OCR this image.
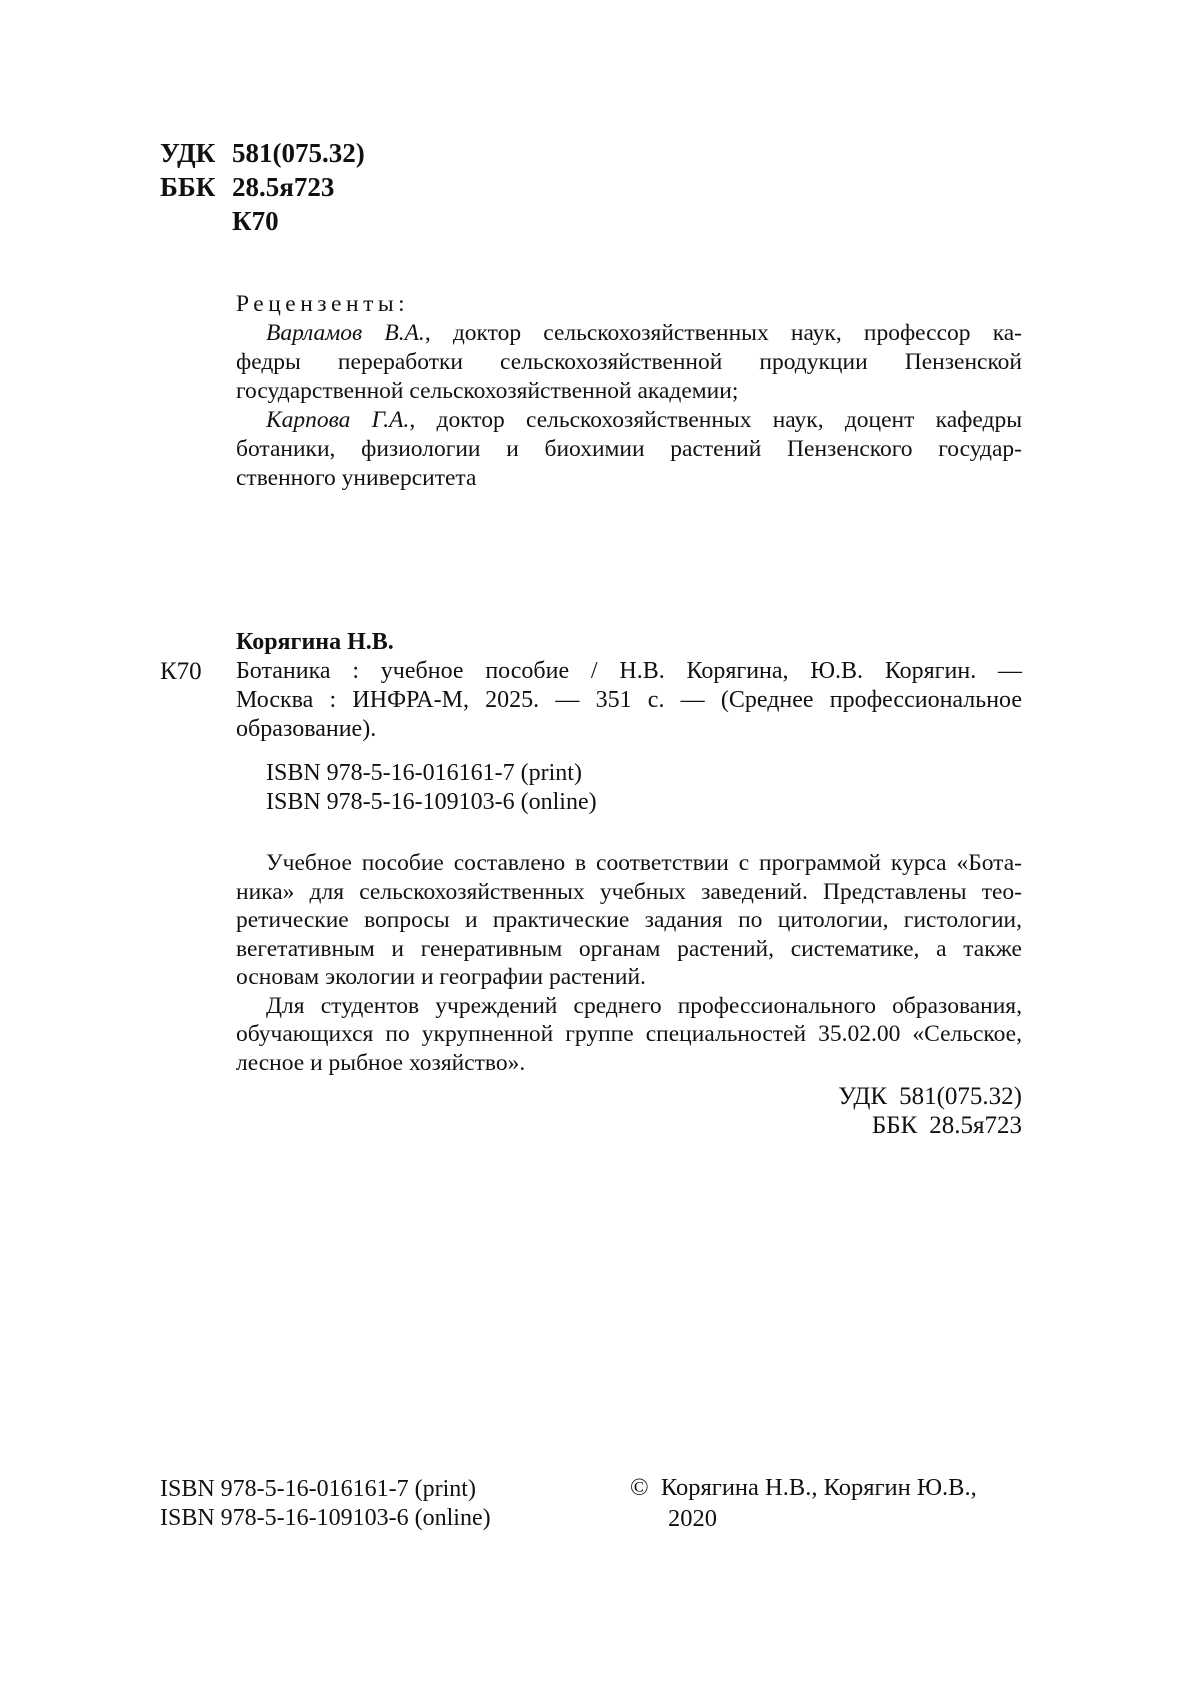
УДК 581(075.32)
ББК 28.5я723
К70
Рецензенты:
Варламов В.А., доктор сельскохозяйственных наук, профессор ка-
федры переработки сельскохозяйственной продукции Пензенской
государственной сельскохозяйственной академии;
Карпова Г.А., доктор сельскохозяйственных наук, доцент кафедры
ботаники, физиологии и биохимии растений Пензенского государ-
ственного университета
Корягина Н.В.
К70 Ботаника : учебное пособие / Н.В. Корягина, Ю.В. Корягин. —
Москва : ИНФРА-М, 2025. — 351 с. — (Среднее профессиональное
образование).
ISBN 978-5-16-016161-7 (print)
ISBN 978-5-16-109103-6 (online)
Учебное пособие составлено в соответствии с программой курса «Бота-
ника» для сельскохозяйственных учебных заведений. Представлены тео-
ретические вопросы и практические задания по цитологии, гистологии,
вегетативным и генеративным органам растений, систематике, а также
основам экологии и географии растений.
Для студентов учреждений среднего профессионального образования,
обучающихся по укрупненной группе специальностей 35.02.00 «Сельское,
лесное и рыбное хозяйство».
УДК 581(075.32)
ББК 28.5я723
ISBN 978-5-16-016161-7 (print)
ISBN 978-5-16-109103-6 (online)
© Корягина Н.В., Корягин Ю.В.,
2020
